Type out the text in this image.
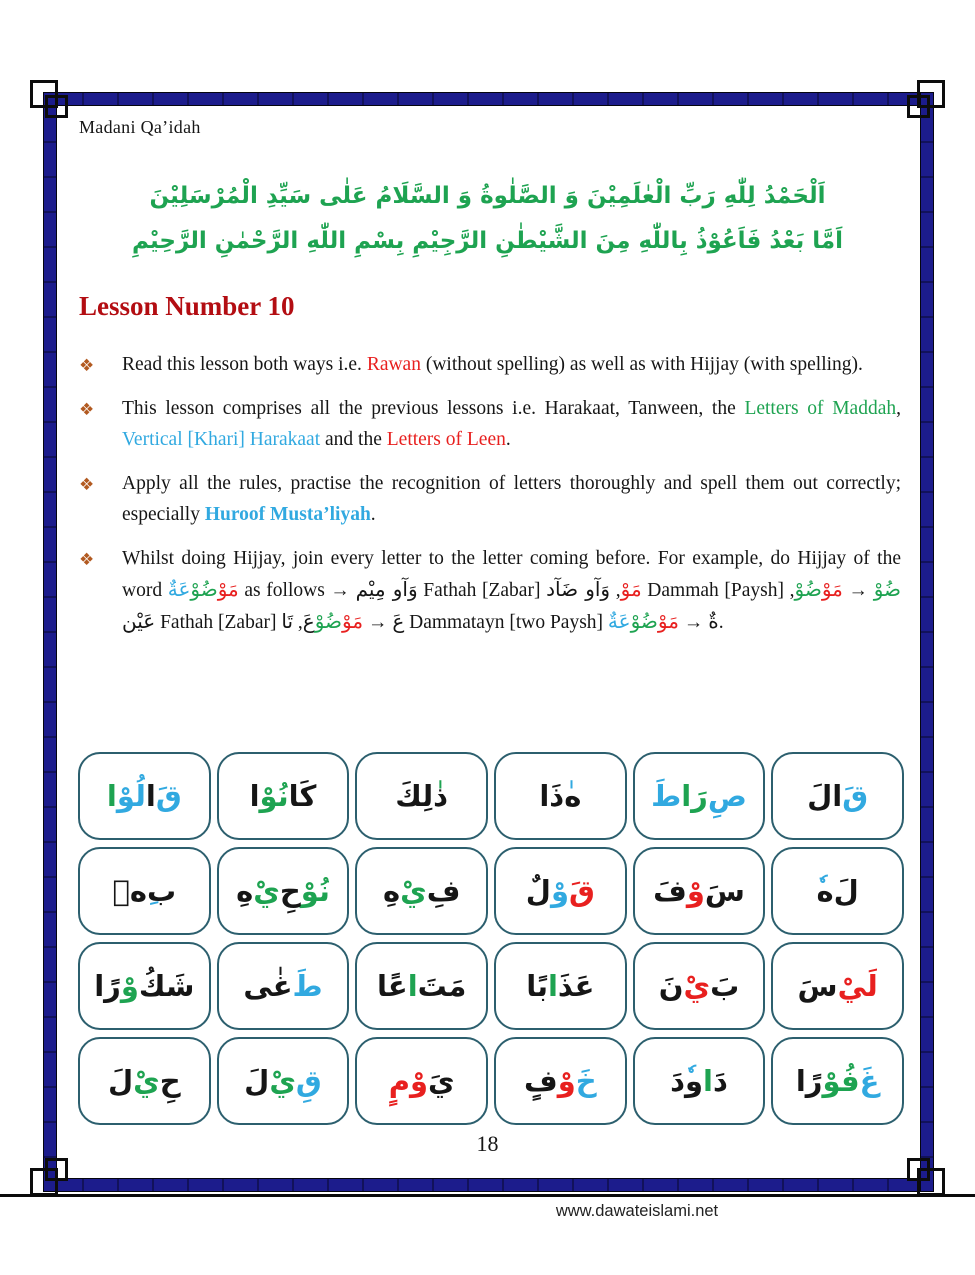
Madani Qa’idah
اَلْحَمْدُ لِلّٰهِ رَبِّ الْعٰلَمِيْنَ وَ الصَّلٰوةُ وَ السَّلَامُ عَلٰى سَيِّدِ الْمُرْسَلِيْنَ
اَمَّا بَعْدُ فَاَعُوْذُ بِاللّٰهِ مِنَ الشَّيْطٰنِ الرَّجِيْمِ بِسْمِ اللّٰهِ الرَّحْمٰنِ الرَّحِيْمِ
Lesson Number 10
❖ Read this lesson both ways i.e. Rawan (without spelling) as well as with Hijjay (with spelling).
❖ This lesson comprises all the previous lessons i.e. Harakaat, Tanween, the Letters of Maddah, Vertical [Khari] Harakaat and the Letters of Leen.
❖ Apply all the rules, practise the recognition of letters thoroughly and spell them out correctly; especially Huroof Musta’liyah.
❖ Whilst doing Hijjay, join every letter to the letter coming before. For example, do Hijjay of the word مَوْضُوْعَةٌ as follows → وَآو مِيْم Fathah [Zabar]	مَوْ, وَآو ضَآد Dammah [Paysh]	ضُوْ → مَوْضُوْ, عَيْن Fathah [Zabar]	عَ → مَوْضُوْعَ, تَا	Dammatayn [two Paysh]	ةٌ → مَوْضُوْعَةٌ	.
قَ
ا
لُوْ
ا	كَا
نُوْ
ا	ذ
لِكَ	ه
ذَا	صِ
رَا
طَ	قَ
الَ
ب
هٖ	نُوْ
حِ
يْ
هِ	فِ
يْ
هِ	قَ
وْ
لٌ	سَ
وْ
فَ	لَ
ه
شَكُ
وْ
رًا	طَ
غٰى	مَتَ
ا
عًا	عَذَ
ا
بًا	بَ
يْ
نَ	لَيْ
سَ
حِ
يْ
لَ	قِ
يْ
لَ	يَ
وْ
مٍ	خَ
وْ
فٍ	دَ
ا
و
دَ	غَ
فُوْ
رًا
18
www.dawateislami.net
